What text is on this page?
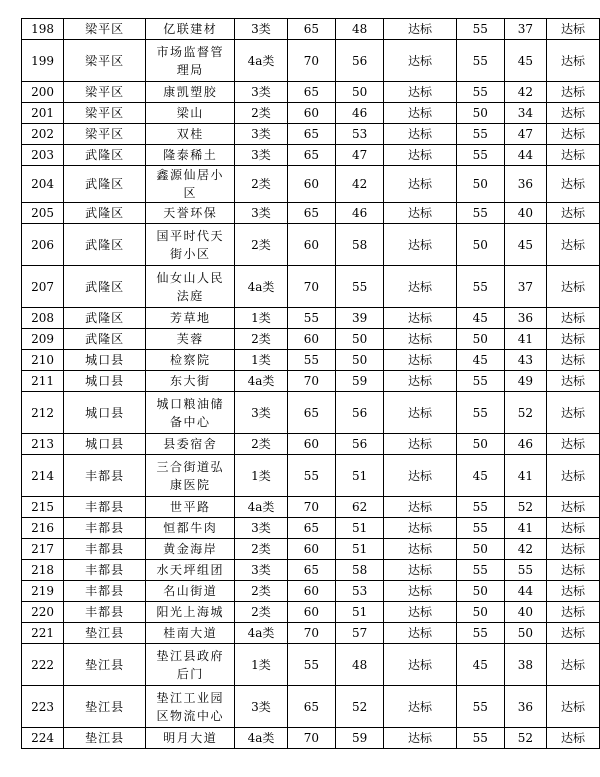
198	梁平区	亿联建材	3类	65	48	达标	55	37	达标
199	梁平区	市场监督管理局	4a类	70	56	达标	55	45	达标
200	梁平区	康凯塑胶	3类	65	50	达标	55	42	达标
201	梁平区	梁山	2类	60	46	达标	50	34	达标
202	梁平区	双桂	3类	65	53	达标	55	47	达标
203	武隆区	隆泰稀土	3类	65	47	达标	55	44	达标
204	武隆区	鑫源仙居小区	2类	60	42	达标	50	36	达标
205	武隆区	天誉环保	3类	65	46	达标	55	40	达标
206	武隆区	国平时代天街小区	2类	60	58	达标	50	45	达标
207	武隆区	仙女山人民法庭	4a类	70	55	达标	55	37	达标
208	武隆区	芳草地	1类	55	39	达标	45	36	达标
209	武隆区	芙蓉	2类	60	50	达标	50	41	达标
210	城口县	检察院	1类	55	50	达标	45	43	达标
211	城口县	东大街	4a类	70	59	达标	55	49	达标
212	城口县	城口粮油储备中心	3类	65	56	达标	55	52	达标
213	城口县	县委宿舍	2类	60	56	达标	50	46	达标
214	丰都县	三合街道弘康医院	1类	55	51	达标	45	41	达标
215	丰都县	世平路	4a类	70	62	达标	55	52	达标
216	丰都县	恒都牛肉	3类	65	51	达标	55	41	达标
217	丰都县	黄金海岸	2类	60	51	达标	50	42	达标
218	丰都县	水天坪组团	3类	65	58	达标	55	55	达标
219	丰都县	名山街道	2类	60	53	达标	50	44	达标
220	丰都县	阳光上海城	2类	60	51	达标	50	40	达标
221	垫江县	桂南大道	4a类	70	57	达标	55	50	达标
222	垫江县	垫江县政府后门	1类	55	48	达标	45	38	达标
223	垫江县	垫江工业园区物流中心	3类	65	52	达标	55	36	达标
224	垫江县	明月大道	4a类	70	59	达标	55	52	达标
